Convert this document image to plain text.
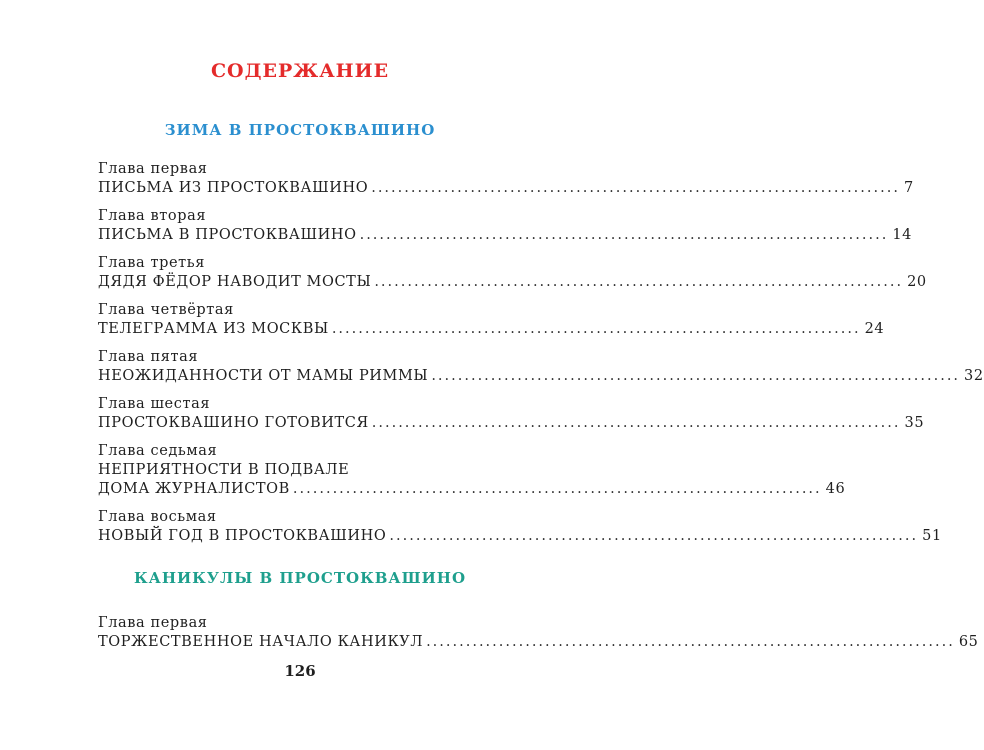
СОДЕРЖАНИЕ
ЗИМА В ПРОСТОКВАШИНО
Глава первая
ПИСЬМА ИЗ ПРОСТОКВАШИНО ................................................................................ 7
Глава вторая
ПИСЬМА В ПРОСТОКВАШИНО ................................................................................ 14
Глава третья
ДЯДЯ ФЁДОР НАВОДИТ МОСТЫ ................................................................................ 20
Глава четвёртая
ТЕЛЕГРАММА ИЗ МОСКВЫ ................................................................................ 24
Глава пятая
НЕОЖИДАННОСТИ ОТ МАМЫ РИММЫ ................................................................................ 32
Глава шестая
ПРОСТОКВАШИНО ГОТОВИТСЯ ................................................................................ 35
Глава седьмая
НЕПРИЯТНОСТИ В ПОДВАЛЕ
ДОМА ЖУРНАЛИСТОВ ................................................................................ 46
Глава восьмая
НОВЫЙ ГОД В ПРОСТОКВАШИНО ................................................................................ 51
КАНИКУЛЫ В ПРОСТОКВАШИНО
Глава первая
ТОРЖЕСТВЕННОЕ НАЧАЛО КАНИКУЛ ................................................................................ 65
126
